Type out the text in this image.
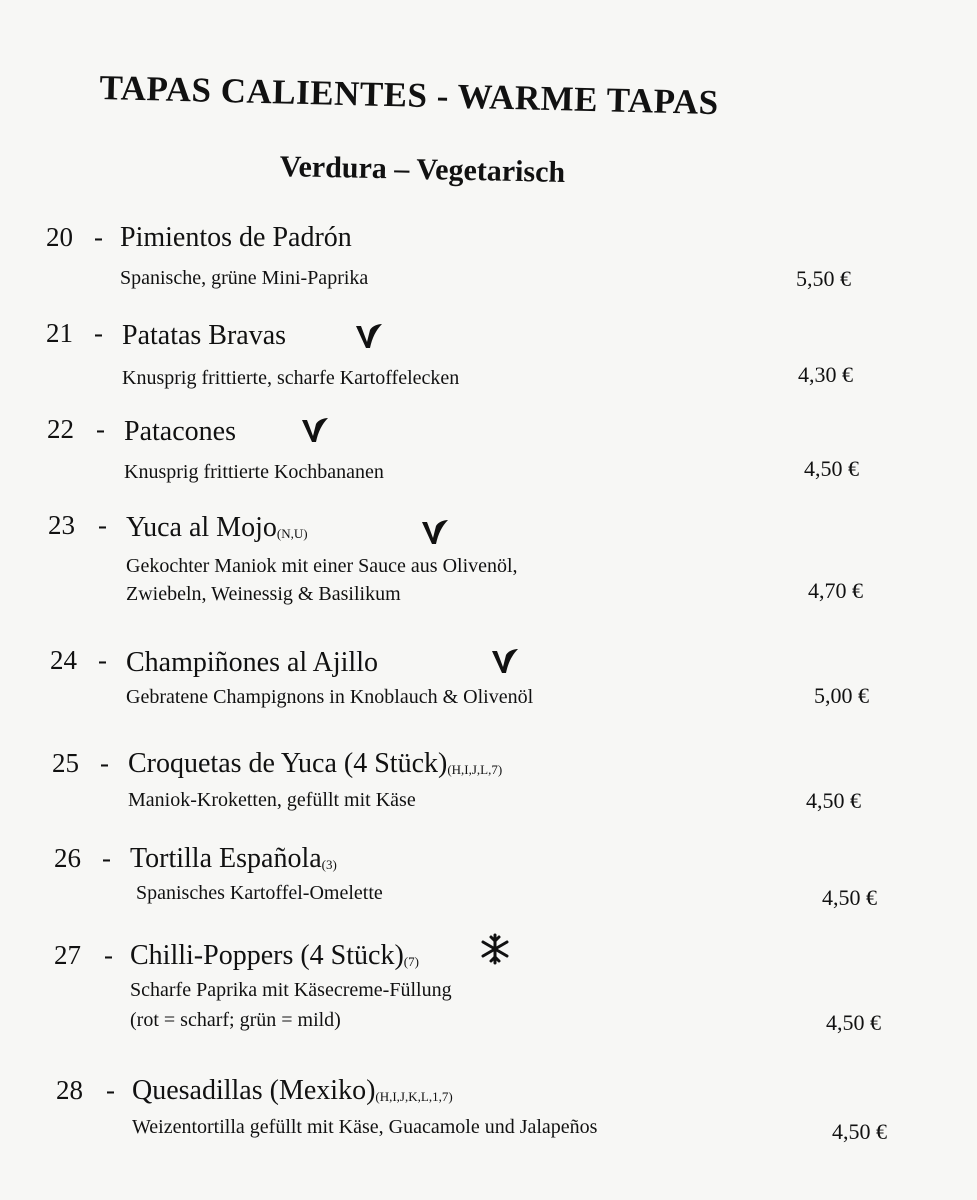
TAPAS CALIENTES - WARME TAPAS
Verdura – Vegetarisch
20 - Pimientos de Padrón
Spanische, grüne Mini-Paprika	5,50 €
21 - Patatas Bravas
Knusprig frittierte, scharfe Kartoffelecken	4,30 €
22 - Patacones
Knusprig frittierte Kochbananen	4,50 €
23 - Yuca al Mojo(N,U)
Gekochter Maniok mit einer Sauce aus Olivenöl,
Zwiebeln, Weinessig & Basilikum	4,70 €
24 - Champiñones al Ajillo
Gebratene Champignons in Knoblauch & Olivenöl	5,00 €
25 - Croquetas de Yuca (4 Stück)(H,I,J,L,7)
Maniok-Kroketten, gefüllt mit Käse	4,50 €
26 - Tortilla Española(3)
Spanisches Kartoffel-Omelette	4,50 €
27 - Chilli-Poppers (4 Stück)(7)
Scharfe Paprika mit Käsecreme-Füllung
(rot = scharf; grün = mild)	4,50 €
28 - Quesadillas (Mexiko)(H,I,J,K,L,1,7)
Weizentortilla gefüllt mit Käse, Guacamole und Jalapeños	4,50 €
